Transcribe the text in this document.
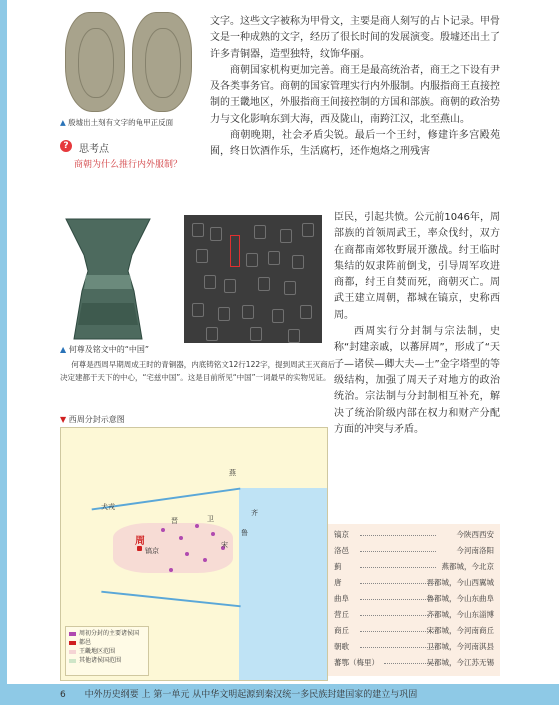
▲ 殷墟出土刻有文字的龟甲正反面
?	思考点
商朝为什么推行内外服制？

文字。这些文字被称为甲骨文，主要是商人刻写的占卜记录。甲骨文是一种成熟的文字，经历了很长时间的发展演变。殷墟还出土了许多青铜器，造型独特，纹饰华丽。

商朝国家机构更加完善。商王是最高统治者，商王之下设有尹及各类事务官。商朝的国家管理实行内外服制。内服指商王直接控制的王畿地区，外服指商王间接控制的方国和部族。商朝的政治势力与文化影响东到大海，西及陇山，南跨江汉，北至燕山。

商朝晚期，社会矛盾尖锐。最后一个王纣，修建许多宫殿苑囿，终日饮酒作乐，生活腐朽，还作炮烙之刑残害

▲ 何尊及铭文中的“中国”
何尊是西周早期周成王时的青铜器，内底铸铭文12行122字，提到周武王灭商后决定建都于天下的中心，“宅兹中国”。这是目前所见“中国”一词最早的实物见证。

臣民，引起共愤。公元前1046年，周部族的首领周武王，率众伐纣，双方在商都南郊牧野展开激战。纣王临时集结的奴隶阵前倒戈，引导周军攻进商都，纣王自焚而死，商朝灭亡。周武王建立周朝，都城在镐京，史称西周。

西周实行分封制与宗法制，史称“封建亲戚，以蕃屏周”，形成了“天子—诸侯—卿大夫—士”金字塔型的等级结构，加强了周天子对地方的政治统治。宗法制与分封制相互补充，解决了统治阶级内部在权力和财产分配方面的冲突与矛盾。

▼ 西周分封示意图
犬戎
周
镐京
燕
晋	卫
齐
鲁
宋
周初分封的主要诸侯国
都邑
王畿地区范围
其他诸侯国范围
镐京	今陕西西安
洛邑	今河南洛阳
蓟	燕都城，今北京
唐	晋都城，今山西翼城
曲阜	鲁都城，今山东曲阜
营丘	齐都城，今山东淄博
商丘	宋都城，今河南商丘
朝歌	卫都城，今河南淇县
蕃鄂（梅里）	吴都城，今江苏无锡
6 中外历史纲要 上 第一单元 从中华文明起源到秦汉统一多民族封建国家的建立与巩固
